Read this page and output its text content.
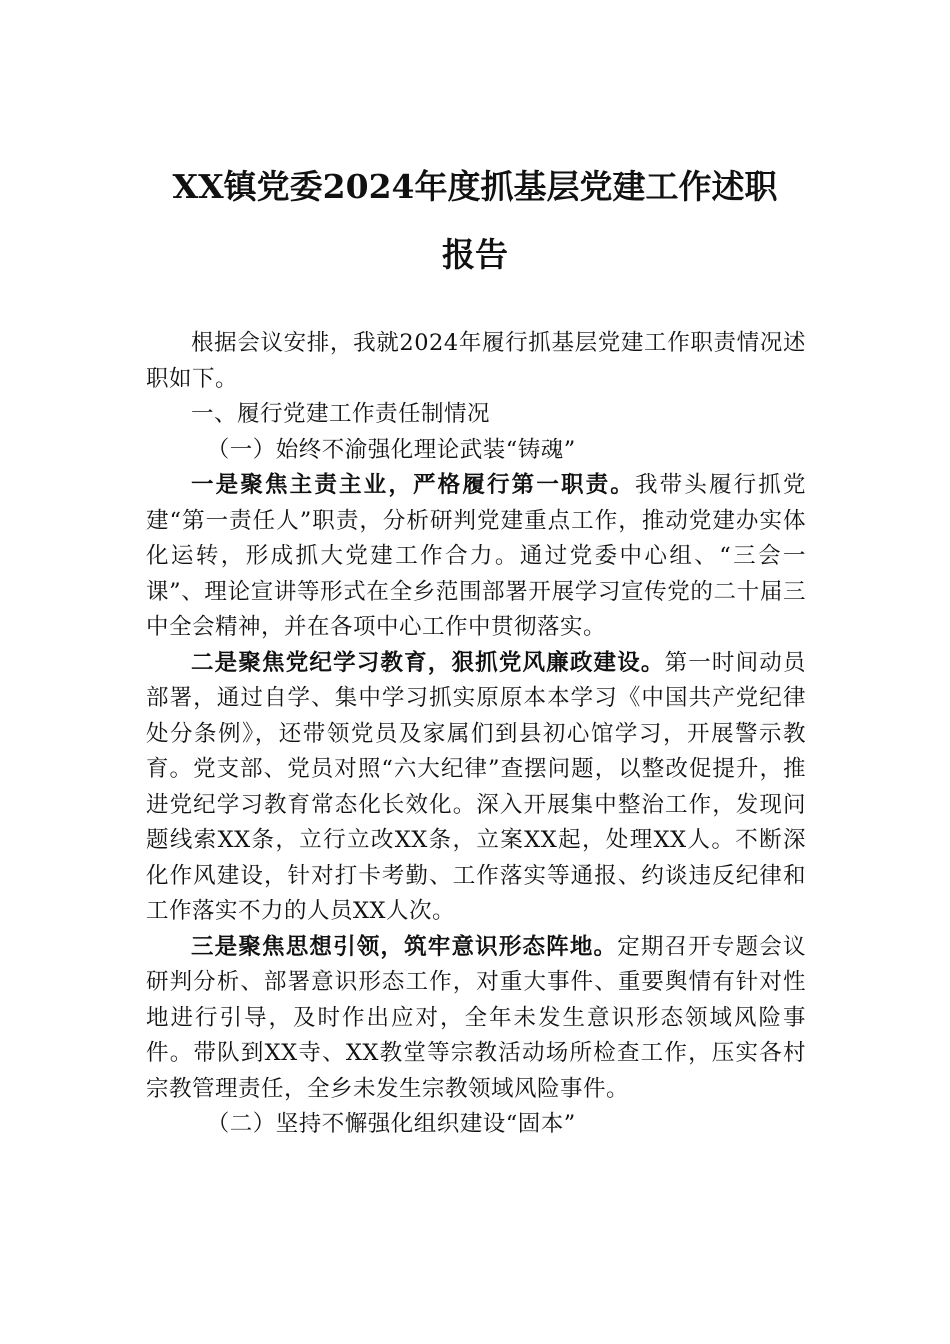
XX镇党委2024年度抓基层党建工作述职
报告

根据会议安排，我就2024年履行抓基层党建工作职责情况述职如下。

一、履行党建工作责任制情况

（一）始终不渝强化理论武装“铸魂”

一是聚焦主责主业，严格履行第一职责。我带头履行抓党建“第一责任人”职责，分析研判党建重点工作，推动党建办实体化运转，形成抓大党建工作合力。通过党委中心组、“三会一课”、理论宣讲等形式在全乡范围部署开展学习宣传党的二十届三中全会精神，并在各项中心工作中贯彻落实。

二是聚焦党纪学习教育，狠抓党风廉政建设。第一时间动员部署，通过自学、集中学习抓实原原本本学习《中国共产党纪律处分条例》，还带领党员及家属们到县初心馆学习，开展警示教育。党支部、党员对照“六大纪律”查摆问题，以整改促提升，推进党纪学习教育常态化长效化。深入开展集中整治工作，发现问题线索XX条，立行立改XX条，立案XX起，处理XX人。不断深化作风建设，针对打卡考勤、工作落实等通报、约谈违反纪律和工作落实不力的人员XX人次。

三是聚焦思想引领，筑牢意识形态阵地。定期召开专题会议研判分析、部署意识形态工作，对重大事件、重要舆情有针对性地进行引导，及时作出应对，全年未发生意识形态领域风险事件。带队到XX寺、XX教堂等宗教活动场所检查工作，压实各村宗教管理责任，全乡未发生宗教领域风险事件。

（二）坚持不懈强化组织建设“固本”
